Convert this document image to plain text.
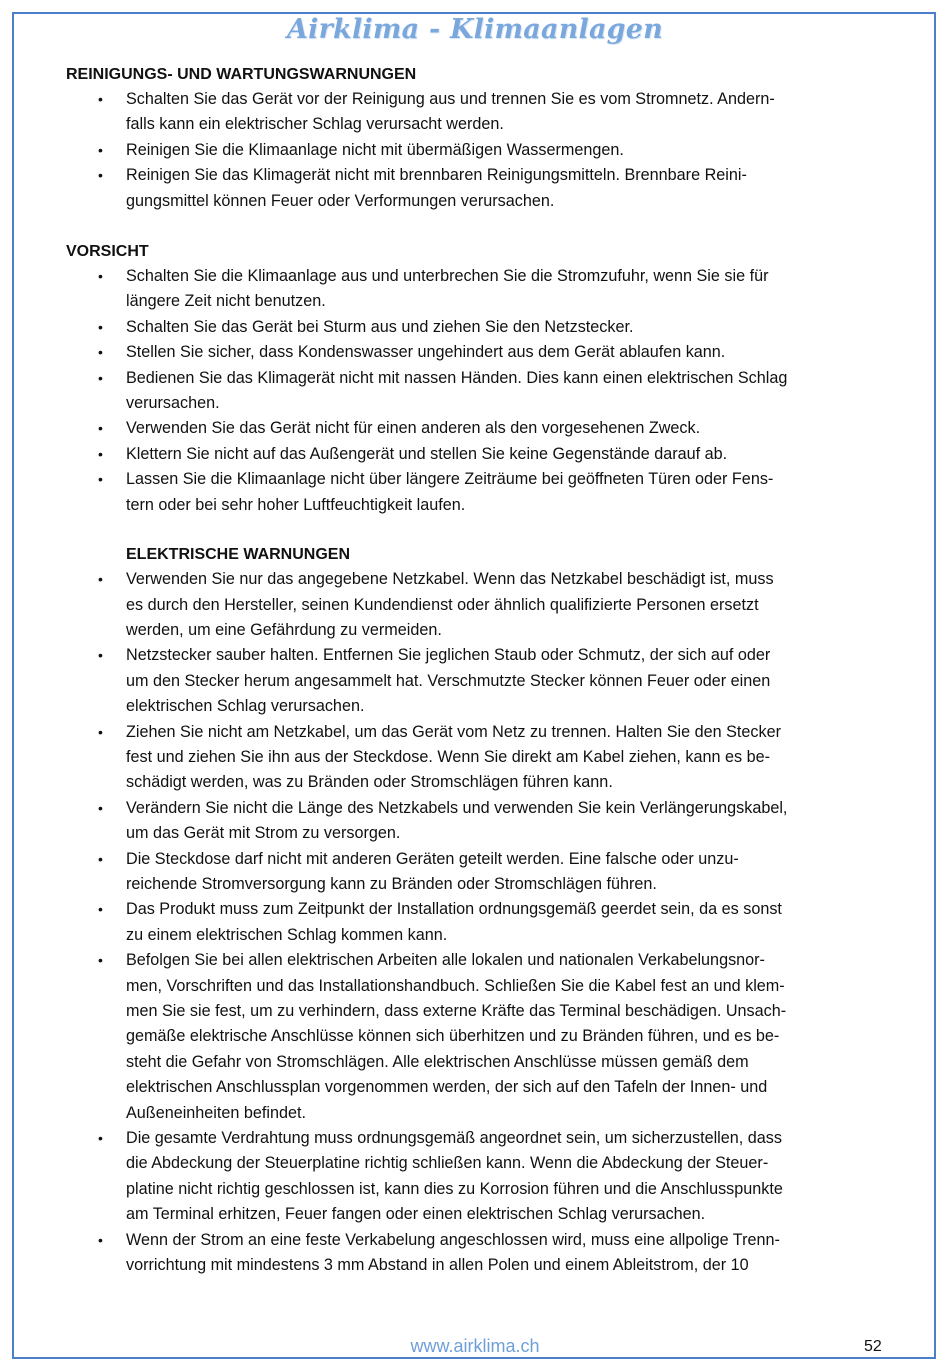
Airklima - Klimaanlagen

REINIGUNGS- UND WARTUNGSWARNUNGEN

• Schalten Sie das Gerät vor der Reinigung aus und trennen Sie es vom Stromnetz. Andern-
falls kann ein elektrischer Schlag verursacht werden.
• Reinigen Sie die Klimaanlage nicht mit übermäßigen Wassermengen.
• Reinigen Sie das Klimagerät nicht mit brennbaren Reinigungsmitteln. Brennbare Reini-
gungsmittel können Feuer oder Verformungen verursachen.

VORSICHT

• Schalten Sie die Klimaanlage aus und unterbrechen Sie die Stromzufuhr, wenn Sie sie für
längere Zeit nicht benutzen.
• Schalten Sie das Gerät bei Sturm aus und ziehen Sie den Netzstecker.
• Stellen Sie sicher, dass Kondenswasser ungehindert aus dem Gerät ablaufen kann.
• Bedienen Sie das Klimagerät nicht mit nassen Händen. Dies kann einen elektrischen Schlag
verursachen.
• Verwenden Sie das Gerät nicht für einen anderen als den vorgesehenen Zweck.
• Klettern Sie nicht auf das Außengerät und stellen Sie keine Gegenstände darauf ab.
• Lassen Sie die Klimaanlage nicht über längere Zeiträume bei geöffneten Türen oder Fens-
tern oder bei sehr hoher Luftfeuchtigkeit laufen.

ELEKTRISCHE WARNUNGEN

• Verwenden Sie nur das angegebene Netzkabel. Wenn das Netzkabel beschädigt ist, muss
es durch den Hersteller, seinen Kundendienst oder ähnlich qualifizierte Personen ersetzt
werden, um eine Gefährdung zu vermeiden.
• Netzstecker sauber halten. Entfernen Sie jeglichen Staub oder Schmutz, der sich auf oder
um den Stecker herum angesammelt hat. Verschmutzte Stecker können Feuer oder einen
elektrischen Schlag verursachen.
• Ziehen Sie nicht am Netzkabel, um das Gerät vom Netz zu trennen. Halten Sie den Stecker
fest und ziehen Sie ihn aus der Steckdose. Wenn Sie direkt am Kabel ziehen, kann es be-
schädigt werden, was zu Bränden oder Stromschlägen führen kann.
• Verändern Sie nicht die Länge des Netzkabels und verwenden Sie kein Verlängerungskabel,
um das Gerät mit Strom zu versorgen.
• Die Steckdose darf nicht mit anderen Geräten geteilt werden. Eine falsche oder unzu-
reichende Stromversorgung kann zu Bränden oder Stromschlägen führen.
• Das Produkt muss zum Zeitpunkt der Installation ordnungsgemäß geerdet sein, da es sonst
zu einem elektrischen Schlag kommen kann.
• Befolgen Sie bei allen elektrischen Arbeiten alle lokalen und nationalen Verkabelungsnor-
men, Vorschriften und das Installationshandbuch. Schließen Sie die Kabel fest an und klem-
men Sie sie fest, um zu verhindern, dass externe Kräfte das Terminal beschädigen. Unsach-
gemäße elektrische Anschlüsse können sich überhitzen und zu Bränden führen, und es be-
steht die Gefahr von Stromschlägen. Alle elektrischen Anschlüsse müssen gemäß dem
elektrischen Anschlussplan vorgenommen werden, der sich auf den Tafeln der Innen- und
Außeneinheiten befindet.
• Die gesamte Verdrahtung muss ordnungsgemäß angeordnet sein, um sicherzustellen, dass
die Abdeckung der Steuerplatine richtig schließen kann. Wenn die Abdeckung der Steuer-
platine nicht richtig geschlossen ist, kann dies zu Korrosion führen und die Anschlusspunkte
am Terminal erhitzen, Feuer fangen oder einen elektrischen Schlag verursachen.
• Wenn der Strom an eine feste Verkabelung angeschlossen wird, muss eine allpolige Trenn-
vorrichtung mit mindestens 3 mm Abstand in allen Polen und einem Ableitstrom, der 10
www.airklima.ch	52
